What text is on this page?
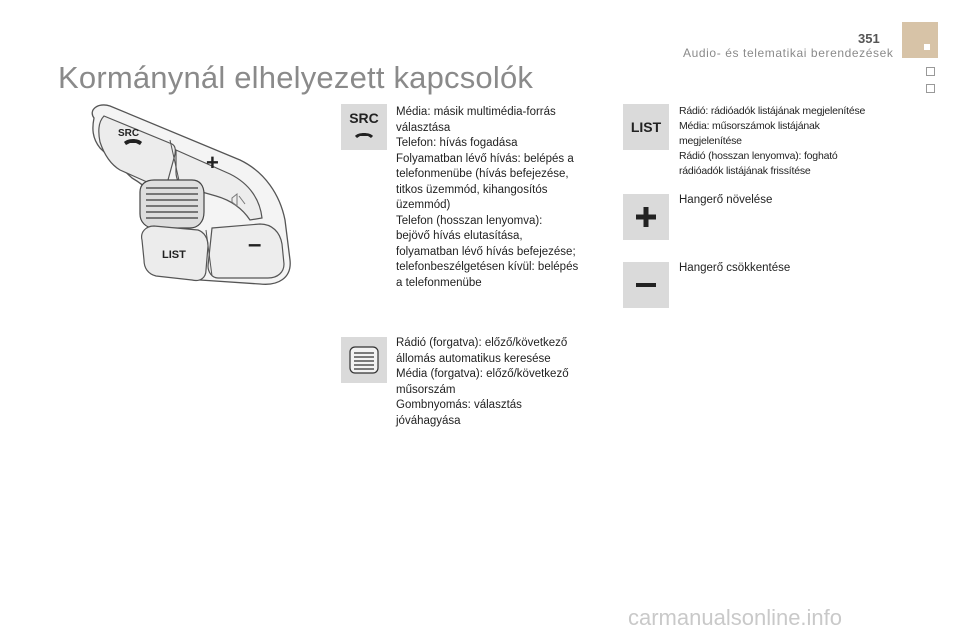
351
Audio- és telematikai berendezések
Kormánynál elhelyezett kapcsolók
SRC
+
LIST	–
SRC Média: másik multimédia-forrás
választása
Telefon: hívás fogadása
Folyamatban lévő hívás: belépés a
telefonmenübe (hívás befejezése,
titkos üzemmód, kihangosítós
üzemmód)
Telefon (hosszan lenyomva):
bejövő hívás elutasítása,
folyamatban lévő hívás befejezése;
telefonbeszélgetésen kívül: belépés
a telefonmenübe
Rádió (forgatva): előző/következő
állomás automatikus keresése
Média (forgatva): előző/következő
műsorszám
Gombnyomás: választás
jóváhagyása
LIST
Rádió: rádióadók listájának megjelenítése
Média: műsorszámok listájának
megjelenítése
Rádió (hosszan lenyomva): fogható
rádióadók listájának frissítése
Hangerő növelése
Hangerő csökkentése
carmanualsonline.info
